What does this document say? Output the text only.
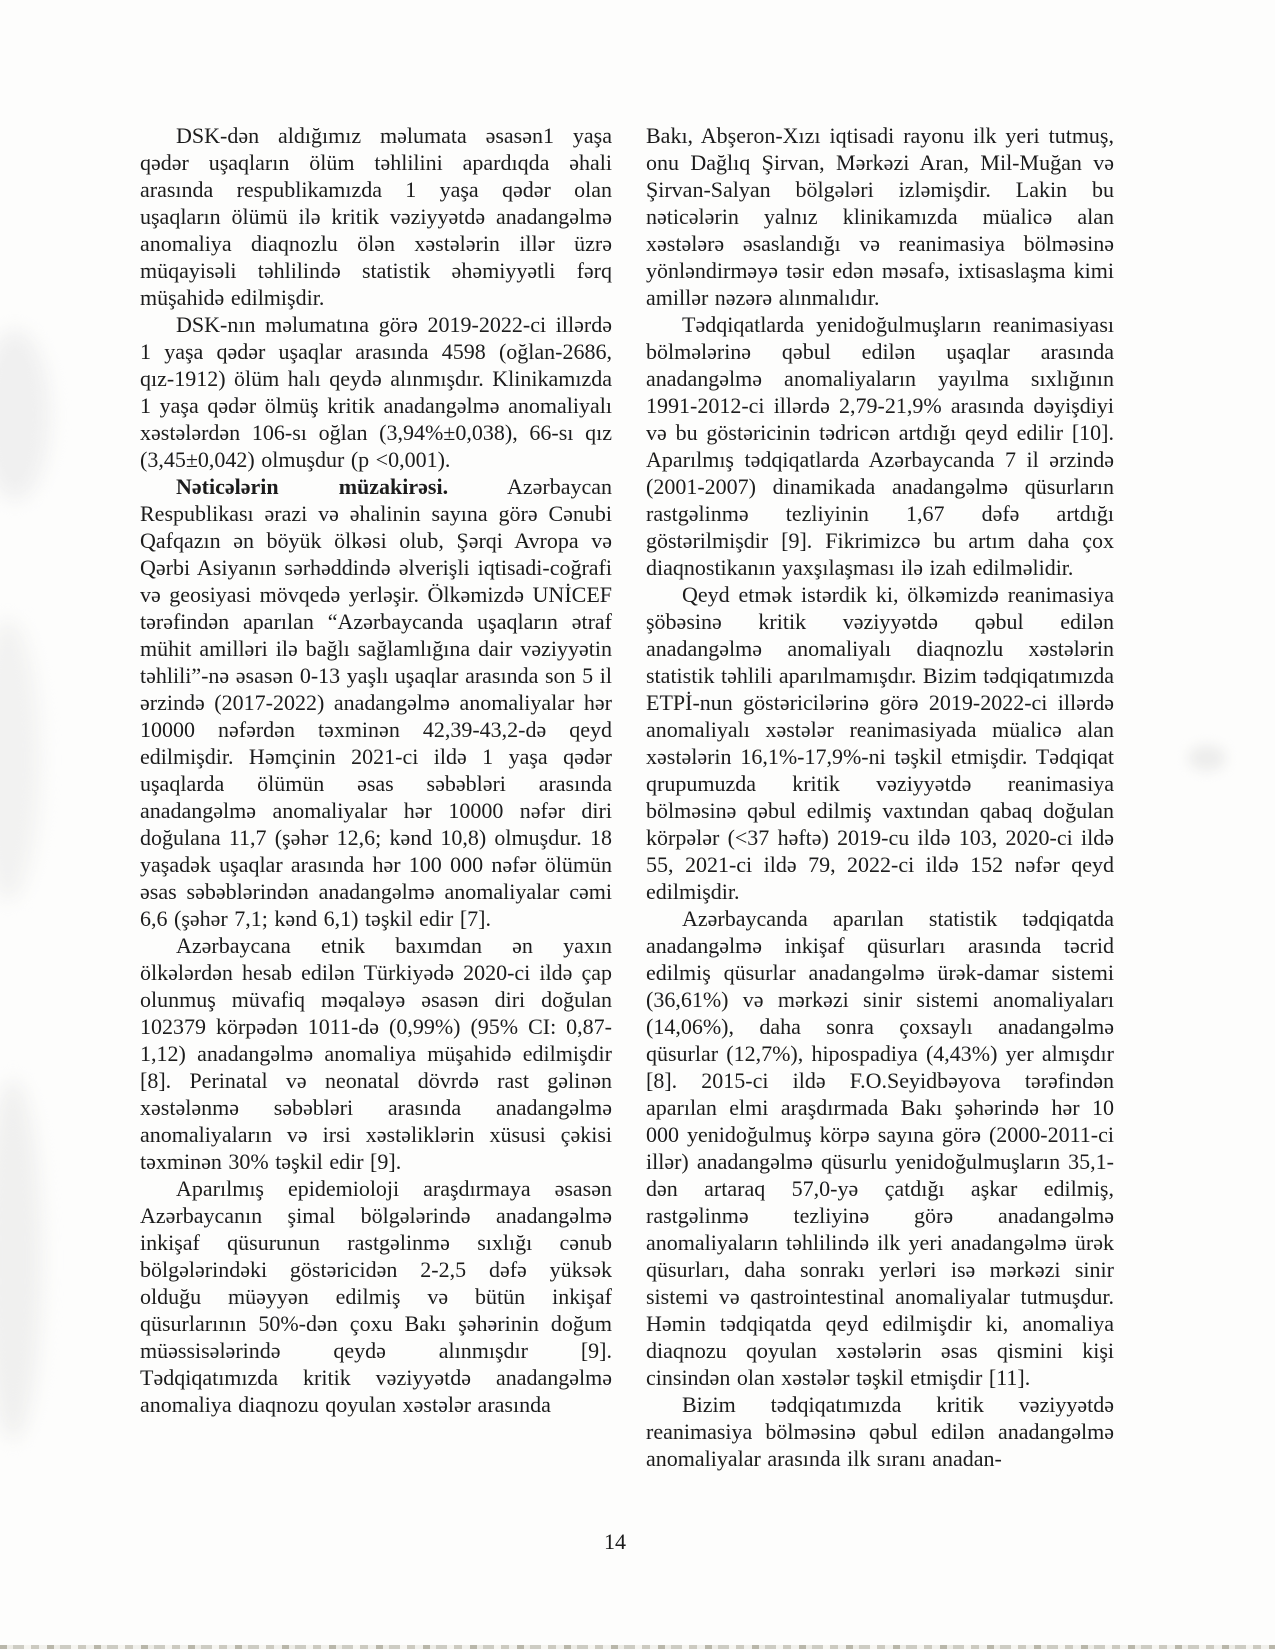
DSK-dən aldığımız məlumata əsasən1 yaşa qədər uşaqların ölüm təhlilini apardıqda əhali arasında respublikamızda 1 yaşa qədər olan uşaqların ölümü ilə kritik vəziyyətdə anadangəlmə anomaliya diaqnozlu ölən xəstələrin illər üzrə müqayisəli təhlilində statistik əhəmiyyətli fərq müşahidə edilmişdir.

DSK-nın məlumatına görə 2019-2022-ci illərdə 1 yaşa qədər uşaqlar arasında 4598 (oğlan-2686, qız-1912) ölüm halı qeydə alınmışdır. Klinikamızda 1 yaşa qədər ölmüş kritik anadangəlmə anomaliyalı xəstələrdən 106-sı oğlan (3,94%±0,038), 66-sı qız (3,45±0,042) olmuşdur (p <0,001).

Nəticələrin müzakirəsi. Azərbaycan Respublikası ərazi və əhalinin sayına görə Cənubi Qafqazın ən böyük ölkəsi olub, Şərqi Avropa və Qərbi Asiyanın sərhəddində əlverişli iqtisadi-coğrafi və geosiyasi mövqedə yerləşir. Ölkəmizdə UNİCEF tərəfindən aparılan “Azərbaycanda uşaqların ətraf mühit amilləri ilə bağlı sağlamlığına dair vəziyyətin təhlili”-nə əsasən 0-13 yaşlı uşaqlar arasında son 5 il ərzində (2017-2022) anadangəlmə anomaliyalar hər 10000 nəfərdən təxminən 42,39-43,2-də qeyd edilmişdir. Həmçinin 2021-ci ildə 1 yaşa qədər uşaqlarda ölümün əsas səbəbləri arasında anadangəlmə anomaliyalar hər 10000 nəfər diri doğulana 11,7 (şəhər 12,6; kənd 10,8) olmuşdur. 18 yaşadək uşaqlar arasında hər 100 000 nəfər ölümün əsas səbəblərindən anadangəlmə anomaliyalar cəmi 6,6 (şəhər 7,1; kənd 6,1) təşkil edir [7].

Azərbaycana etnik baxımdan ən yaxın ölkələrdən hesab edilən Türkiyədə 2020-ci ildə çap olunmuş müvafiq məqaləyə əsasən diri doğulan 102379 körpədən 1011-də (0,99%) (95% CI: 0,87-1,12) anadangəlmə anomaliya müşahidə edilmişdir [8]. Perinatal və neonatal dövrdə rast gəlinən xəstələnmə səbəbləri arasında anadangəlmə anomaliyaların və irsi xəstəliklərin xüsusi çəkisi təxminən 30% təşkil edir [9].

Aparılmış epidemioloji araşdırmaya əsasən Azərbaycanın şimal bölgələrində anadangəlmə inkişaf qüsurunun rastgəlinmə sıxlığı cənub bölgələrindəki göstəricidən 2-2,5 dəfə yüksək olduğu müəyyən edilmiş və bütün inkişaf qüsurlarının 50%-dən çoxu Bakı şəhərinin doğum müəssisələrində qeydə alınmışdır [9]. Tədqiqatımızda kritik vəziyyətdə anadangəlmə anomaliya diaqnozu qoyulan xəstələr arasında

Bakı, Abşeron-Xızı iqtisadi rayonu ilk yeri tutmuş, onu Dağlıq Şirvan, Mərkəzi Aran, Mil-Muğan və Şirvan-Salyan bölgələri izləmişdir. Lakin bu nəticələrin yalnız klinikamızda müalicə alan xəstələrə əsaslandığı və reanimasiya bölməsinə yönləndirməyə təsir edən məsafə, ixtisaslaşma kimi amillər nəzərə alınmalıdır.

Tədqiqatlarda yenidoğulmuşların reanimasiyası bölmələrinə qəbul edilən uşaqlar arasında anadangəlmə anomaliyaların yayılma sıxlığının 1991-2012-ci illərdə 2,79-21,9% arasında dəyişdiyi və bu göstəricinin tədricən artdığı qeyd edilir [10]. Aparılmış tədqiqatlarda Azərbaycanda 7 il ərzində (2001-2007) dinamikada anadangəlmə qüsurların rastgəlinmə tezliyinin 1,67 dəfə artdığı göstərilmişdir [9]. Fikrimizcə bu artım daha çox diaqnostikanın yaxşılaşması ilə izah edilməlidir.

Qeyd etmək istərdik ki, ölkəmizdə reanimasiya şöbəsinə kritik vəziyyətdə qəbul edilən anadangəlmə anomaliyalı diaqnozlu xəstələrin statistik təhlili aparılmamışdır. Bizim tədqiqatımızda ETPİ-nun göstəricilərinə görə 2019-2022-ci illərdə anomaliyalı xəstələr reanimasiyada müalicə alan xəstələrin 16,1%-17,9%-ni təşkil etmişdir. Tədqiqat qrupumuzda kritik vəziyyətdə reanimasiya bölməsinə qəbul edilmiş vaxtından qabaq doğulan körpələr (<37 həftə) 2019-cu ildə 103, 2020-ci ildə 55, 2021-ci ildə 79, 2022-ci ildə 152 nəfər qeyd edilmişdir.

Azərbaycanda aparılan statistik tədqiqatda anadangəlmə inkişaf qüsurları arasında təcrid edilmiş qüsurlar anadangəlmə ürək-damar sistemi (36,61%) və mərkəzi sinir sistemi anomaliyaları (14,06%), daha sonra çoxsaylı anadangəlmə qüsurlar (12,7%), hipospadiya (4,43%) yer almışdır [8]. 2015-ci ildə F.O.Seyidbəyova tərəfindən aparılan elmi araşdırmada Bakı şəhərində hər 10 000 yenidoğulmuş körpə sayına görə (2000-2011-ci illər) anadangəlmə qüsurlu yenidoğulmuşların 35,1-dən artaraq 57,0-yə çatdığı aşkar edilmiş, rastgəlinmə tezliyinə görə anadangəlmə anomaliyaların təhlilində ilk yeri anadangəlmə ürək qüsurları, daha sonrakı yerləri isə mərkəzi sinir sistemi və qastrointestinal anomaliyalar tutmuşdur. Həmin tədqiqatda qeyd edilmişdir ki, anomaliya diaqnozu qoyulan xəstələrin əsas qismini kişi cinsindən olan xəstələr təşkil etmişdir [11].

Bizim tədqiqatımızda kritik vəziyyətdə reanimasiya bölməsinə qəbul edilən anadangəlmə anomaliyalar arasında ilk sıranı anadan-

14
